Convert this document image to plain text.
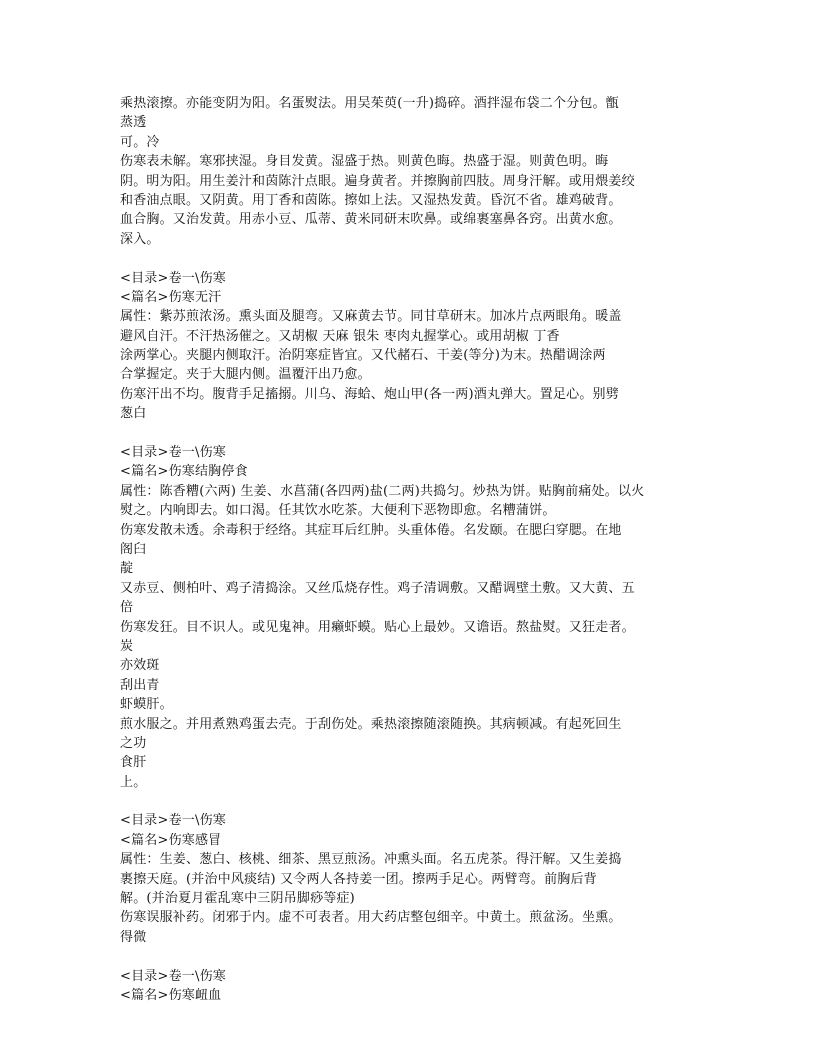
乘热滚擦。亦能变阴为阳。名蛋熨法。用吴茱萸(一升)捣碎。酒拌湿布袋二个分包。甑
蒸透
可。冷
伤寒表未解。寒邪挟湿。身目发黄。湿盛于热。则黄色晦。热盛于湿。则黄色明。晦
阴。明为阳。用生姜汁和茵陈汁点眼。遍身黄者。并擦胸前四肢。周身汗解。或用煨姜绞
和香油点眼。又阴黄。用丁香和茵陈。擦如上法。又湿热发黄。昏沉不省。雄鸡破背。
血合胸。又治发黄。用赤小豆、瓜蒂、黄米同研末吹鼻。或绵裹塞鼻各窍。出黄水愈。
深入。
<目录>卷一\伤寒
<篇名>伤寒无汗
属性：紫苏煎浓汤。熏头面及腿弯。又麻黄去节。同甘草研末。加冰片点两眼角。暖盖
避风自汗。不汗热汤催之。又胡椒 天麻 银朱 枣肉丸握掌心。或用胡椒 丁香
涂两掌心。夹腿内侧取汗。治阴寒症皆宜。又代赭石、干姜(等分)为末。热醋调涂两
合掌握定。夹于大腿内侧。温覆汗出乃愈。
伤寒汗出不均。腹背手足搐搦。川乌、海蛤、炮山甲(各一两)酒丸弹大。置足心。别劈
葱白
<目录>卷一\伤寒
<篇名>伤寒结胸停食
属性：陈香糟(六两) 生姜、水菖蒲(各四两)盐(二两)共捣匀。炒热为饼。贴胸前痛处。以火
熨之。内响即去。如口渴。任其饮水吃茶。大便利下恶物即愈。名糟蒲饼。
伤寒发散未透。余毒积于经络。其症耳后红肿。头重体倦。名发颐。在腮臼穿腮。在地
阁臼
靛
又赤豆、侧柏叶、鸡子清捣涂。又丝瓜烧存性。鸡子清调敷。又醋调壁土敷。又大黄、五
倍
伤寒发狂。目不识人。或见鬼神。用癞虾蟆。贴心上最妙。又谵语。熬盐熨。又狂走者。
炭
亦效斑
刮出青
虾蟆肝。
煎水服之。并用煮熟鸡蛋去壳。于刮伤处。乘热滚擦随滚随换。其病顿减。有起死回生
之功
食肝
上。
<目录>卷一\伤寒
<篇名>伤寒感冒
属性：生姜、葱白、核桃、细茶、黑豆煎汤。冲熏头面。名五虎茶。得汗解。又生姜捣
裹擦天庭。(并治中风痰结) 又令两人各持姜一团。擦两手足心。两臂弯。前胸后背
解。(并治夏月霍乱寒中三阴吊脚痧等症)
伤寒误服补药。闭邪于内。虚不可表者。用大药店整包细辛。中黄土。煎盆汤。坐熏。
得微
<目录>卷一\伤寒
<篇名>伤寒衄血
